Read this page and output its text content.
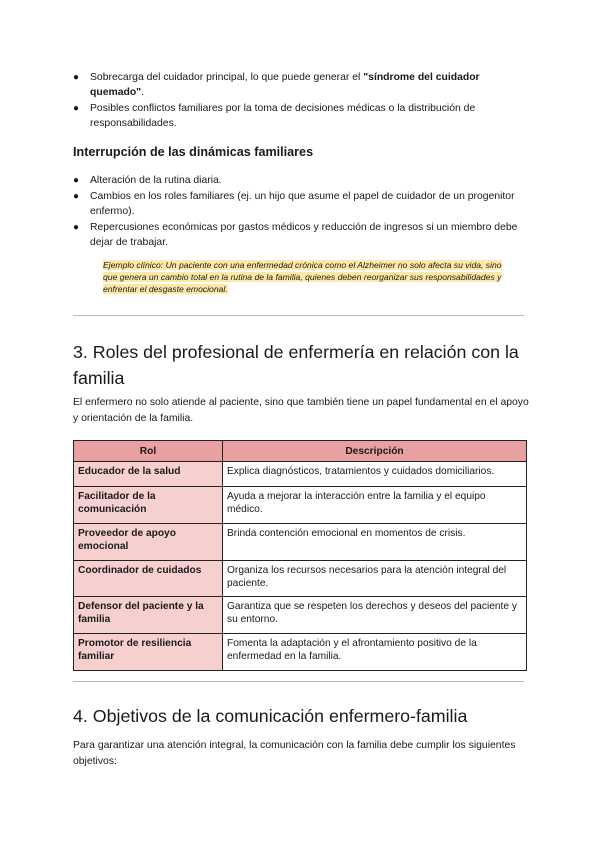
● Sobrecarga del cuidador principal, lo que puede generar el "síndrome del cuidador quemado".
● Posibles conflictos familiares por la toma de decisiones médicas o la distribución de responsabilidades.
Interrupción de las dinámicas familiares
● Alteración de la rutina diaria.
● Cambios en los roles familiares (ej. un hijo que asume el papel de cuidador de un progenitor enfermo).
● Repercusiones económicas por gastos médicos y reducción de ingresos si un miembro debe dejar de trabajar.
Ejemplo clínico: Un paciente con una enfermedad crónica como el Alzheimer no solo afecta su vida, sino que genera un cambio total en la rutina de la familia, quienes deben reorganizar sus responsabilidades y enfrentar el desgaste emocional.
3. Roles del profesional de enfermería en relación con la familia
El enfermero no solo atiende al paciente, sino que también tiene un papel fundamental en el apoyo y orientación de la familia.
Rol	Descripción
Educador de la salud	Explica diagnósticos, tratamientos y cuidados domiciliarios.
Facilitador de la comunicación	Ayuda a mejorar la interacción entre la familia y el equipo médico.
Proveedor de apoyo emocional	Brinda contención emocional en momentos de crisis.
Coordinador de cuidados	Organiza los recursos necesarios para la atención integral del paciente.
Defensor del paciente y la familia	Garantiza que se respeten los derechos y deseos del paciente y su entorno.
Promotor de resiliencia familiar	Fomenta la adaptación y el afrontamiento positivo de la enfermedad en la familia.
4. Objetivos de la comunicación enfermero-familia
Para garantizar una atención integral, la comunicación con la familia debe cumplir los siguientes objetivos:
